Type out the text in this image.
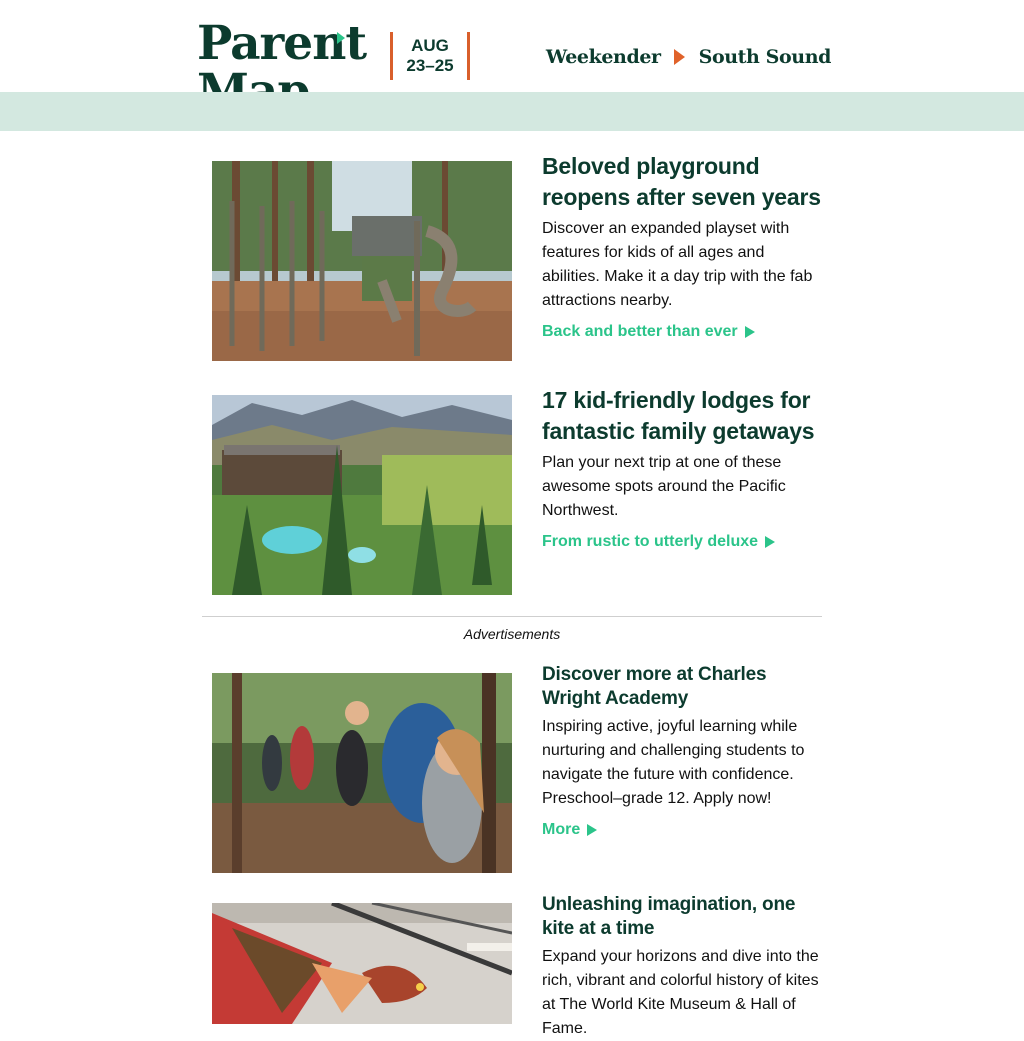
Parent	AUG
23–25	Weekender South Sound
Beloved playground reopens after seven years

Discover an expanded playset with features for kids of all ages and abilities. Make it a day trip with the fab attractions nearby.

Back and better than ever
17 kid-friendly lodges for fantastic family getaways

Plan your next trip at one of these awesome spots around the Pacific Northwest.

From rustic to utterly deluxe
Advertisements
Discover more at Charles Wright Academy

Inspiring active, joyful learning while nurturing and challenging students to navigate the future with confidence. Preschool–grade 12. Apply now!

More
Unleashing imagination, one kite at a time

Expand your horizons and dive into the rich, vibrant and colorful history of kites at The World Kite Museum & Hall of Fame.
